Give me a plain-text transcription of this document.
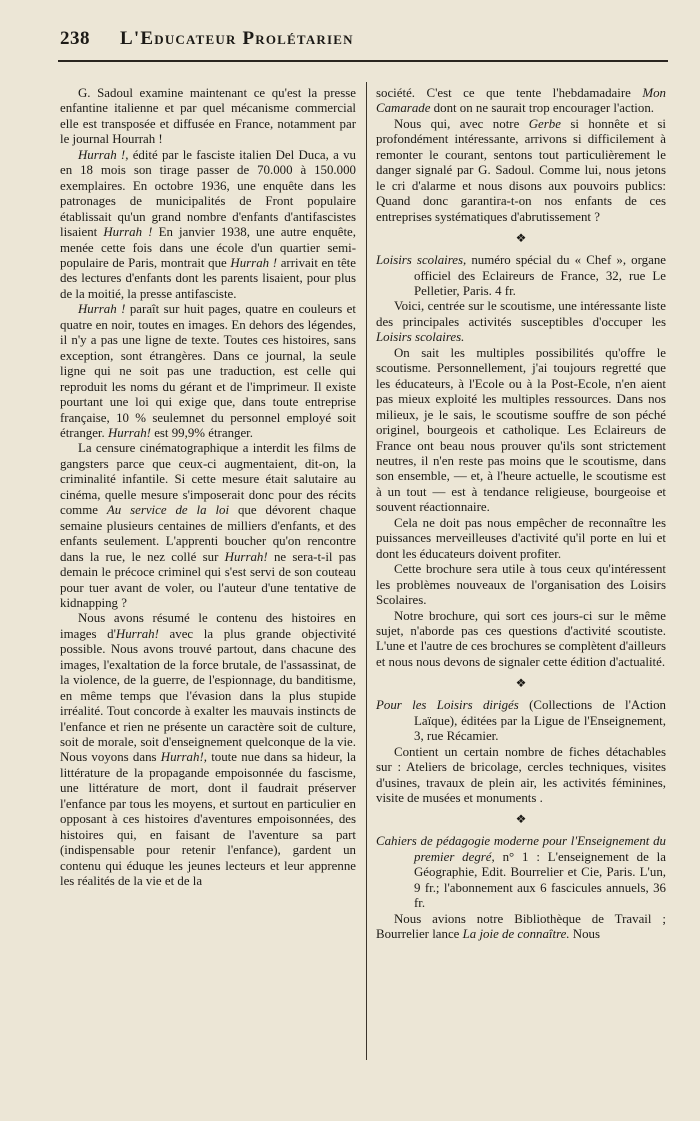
238 L'Educateur Prolétarien

G. Sadoul examine maintenant ce qu'est la presse enfantine italienne et par quel mécanisme commercial elle est transposée et diffusée en France, notamment par le journal Hourrah !

Hurrah !, édité par le fasciste italien Del Duca, a vu en 18 mois son tirage passer de 70.000 à 150.000 exemplaires. En octobre 1936, une enquête dans les patronages de municipalités de Front populaire établissait qu'un grand nombre d'enfants d'antifascistes lisaient Hurrah ! En janvier 1938, une autre enquête, menée cette fois dans une école d'un quartier semi-populaire de Paris, montrait que Hurrah ! arrivait en tête des lectures d'enfants dont les parents lisaient, pour plus de la moitié, la presse antifasciste.

Hurrah ! paraît sur huit pages, quatre en couleurs et quatre en noir, toutes en images. En dehors des légendes, il n'y a pas une ligne de texte. Toutes ces histoires, sans exception, sont étrangères. Dans ce journal, la seule ligne qui ne soit pas une traduction, est celle qui reproduit les noms du gérant et de l'imprimeur. Il existe pourtant une loi qui exige que, dans toute entreprise française, 10 % seulemnet du personnel employé soit étranger. Hurrah! est 99,9% étranger.

La censure cinématographique a interdit les films de gangsters parce que ceux-ci augmentaient, dit-on, la criminalité infantile. Si cette mesure était salutaire au cinéma, quelle mesure s'imposerait donc pour des récits comme Au service de la loi que dévorent chaque semaine plusieurs centaines de milliers d'enfants, et des enfants seulement. L'apprenti boucher qu'on rencontre dans la rue, le nez collé sur Hurrah! ne sera-t-il pas demain le précoce criminel qui s'est servi de son couteau pour tuer avant de voler, ou l'auteur d'une tentative de kidnapping ?

Nous avons résumé le contenu des histoires en images d'Hurrah! avec la plus grande objectivité possible. Nous avons trouvé partout, dans chacune des images, l'exaltation de la force brutale, de l'assassinat, de la violence, de la guerre, de l'espionnage, du banditisme, en même temps que l'évasion dans la plus stupide irréalité. Tout concorde à exalter les mauvais instincts de l'enfance et rien ne présente un caractère soit de culture, soit de morale, soit d'enseignement quelconque de la vie. Nous voyons dans Hurrah!, toute nue dans sa hideur, la littérature de la propagande empoisonnée du fascisme, une littérature de mort, dont il faudrait préserver l'enfance par tous les moyens, et surtout en particulier en opposant à ces histoires d'aventures empoisonnées, des histoires qui, en faisant de l'aventure sa part (indispensable pour retenir l'enfance), gardent un contenu qui éduque les jeunes lecteurs et leur apprenne les réalités de la vie et de la

société. C'est ce que tente l'hebdamadaire Mon Camarade dont on ne saurait trop encourager l'action.

Nous qui, avec notre Gerbe si honnête et si profondément intéressante, arrivons si difficilement à remonter le courant, sentons tout particulièrement le danger signalé par G. Sadoul. Comme lui, nous jetons le cri d'alarme et nous disons aux pouvoirs publics: Quand donc garantira-t-on nos enfants de ces entreprises systématiques d'abrutissement ?

❖

Loisirs scolaires, numéro spécial du « Chef », organe officiel des Eclaireurs de France, 32, rue Le Pelletier, Paris. 4 fr.

Voici, centrée sur le scoutisme, une intéressante liste des principales activités susceptibles d'occuper les Loisirs scolaires.

On sait les multiples possibilités qu'offre le scoutisme. Personnellement, j'ai toujours regretté que les éducateurs, à l'Ecole ou à la Post-Ecole, n'en aient pas mieux exploité les multiples ressources. Dans nos milieux, je le sais, le scoutisme souffre de son péché originel, bourgeois et catholique. Les Eclaireurs de France ont beau nous prouver qu'ils sont strictement neutres, il n'en reste pas moins que le scoutisme, dans son ensemble, — et, à l'heure actuelle, le scoutisme est à un tout — est à tendance religieuse, bourgeoise et souvent réactionnaire.

Cela ne doit pas nous empêcher de reconnaître les puissances merveilleuses d'activité qu'il porte en lui et dont les éducateurs doivent profiter.

Cette brochure sera utile à tous ceux qu'intéressent les problèmes nouveaux de l'organisation des Loisirs Scolaires.

Notre brochure, qui sort ces jours-ci sur le même sujet, n'aborde pas ces questions d'activité scoutiste. L'une et l'autre de ces brochures se complètent d'ailleurs et nous nous devons de signaler cette édition d'actualité.

❖

Pour les Loisirs dirigés (Collections de l'Action Laïque), éditées par la Ligue de l'Enseignement, 3, rue Récamier.

Contient un certain nombre de fiches détachables sur : Ateliers de bricolage, cercles techniques, visites d'usines, travaux de plein air, les activités féminines, visite de musées et monuments .

❖

Cahiers de pédagogie moderne pour l'Enseignement du premier degré, n° 1 : L'enseignement de la Géographie, Edit. Bourrelier et Cie, Paris. L'un, 9 fr.; l'abonnement aux 6 fascicules annuels, 36 fr.

Nous avions notre Bibliothèque de Travail ; Bourrelier lance La joie de connaître. Nous
